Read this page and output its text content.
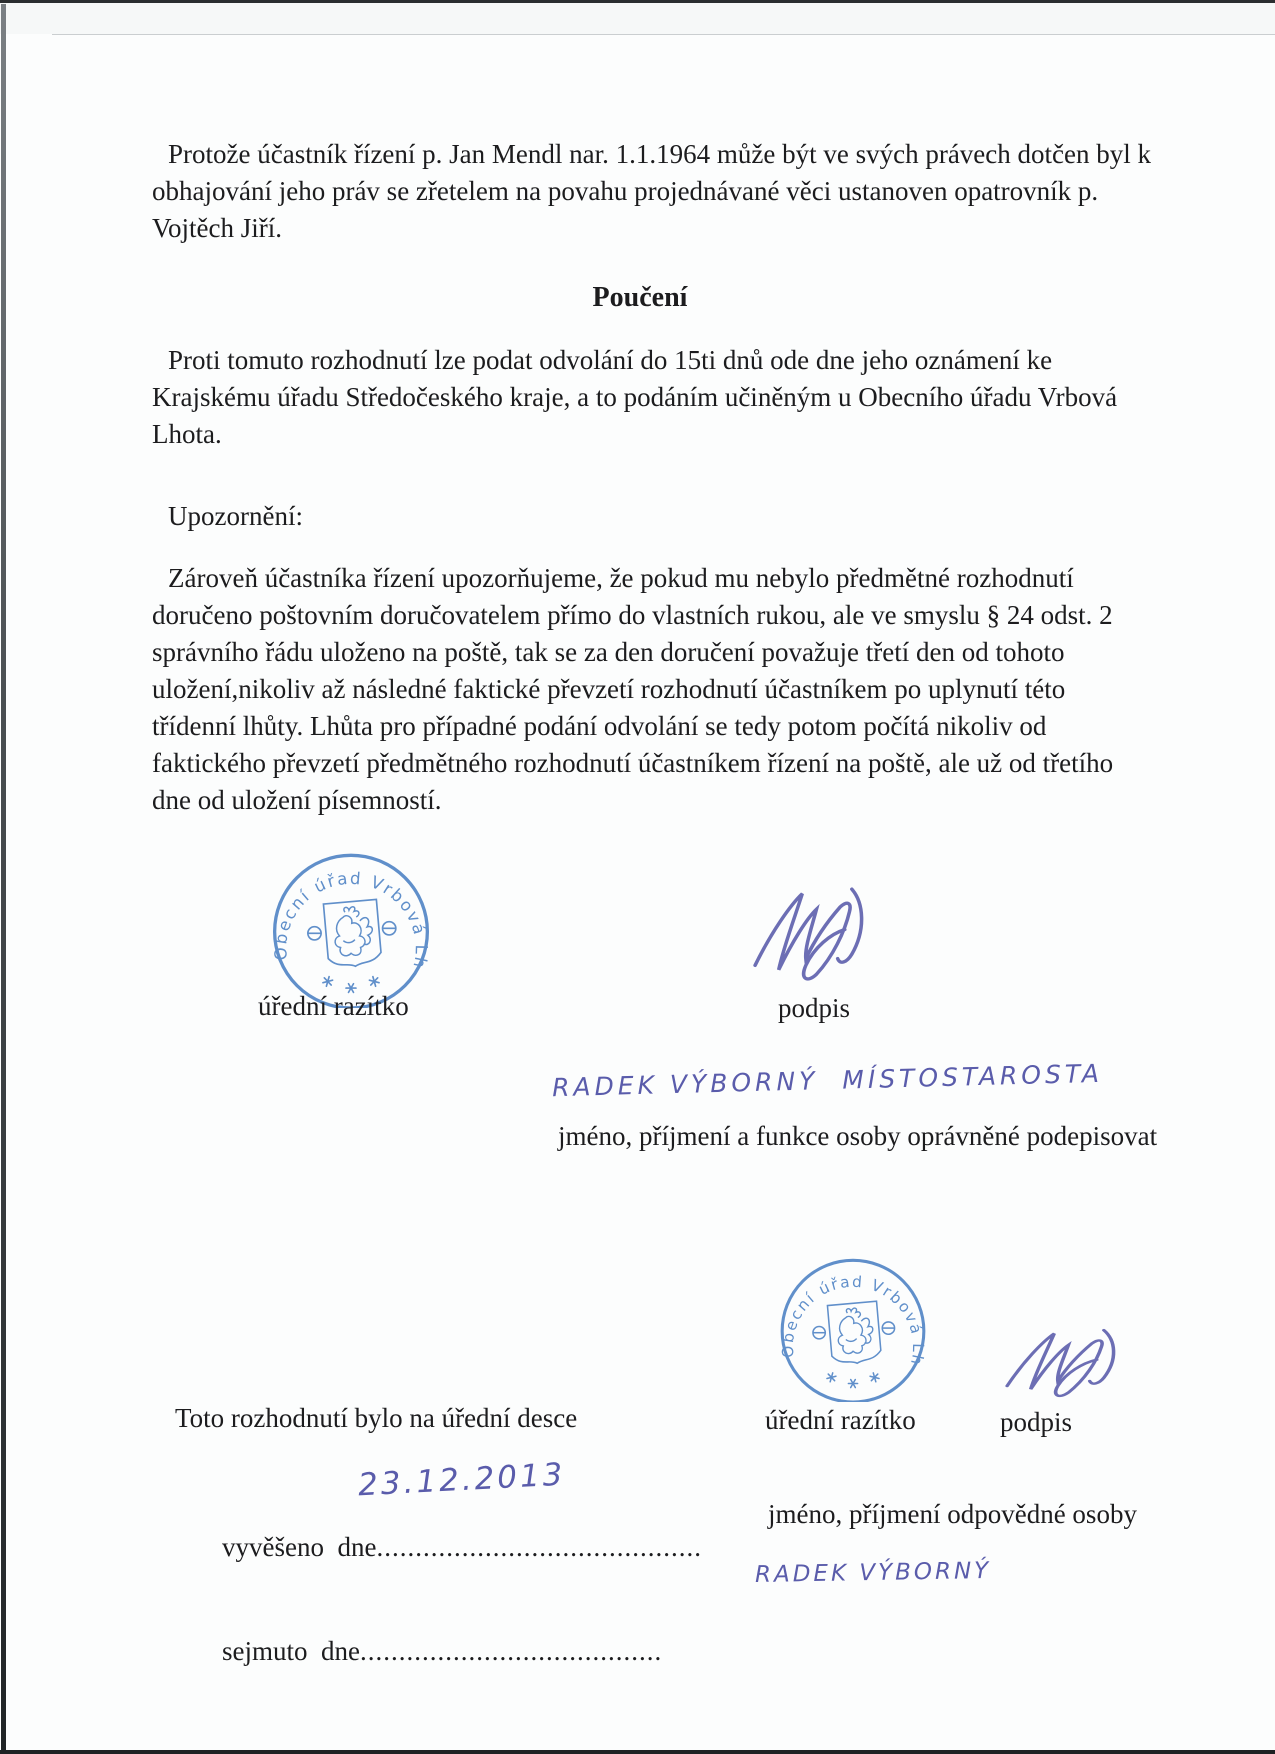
Protože účastník řízení p. Jan Mendl nar. 1.1.1964 může být ve svých právech dotčen byl k
obhajování jeho práv se zřetelem na povahu projednávané věci ustanoven opatrovník p.
Vojtěch Jiří.
Poučení
Proti tomuto rozhodnutí lze podat odvolání do 15ti dnů ode dne jeho oznámení ke
Krajskému úřadu Středočeského kraje, a to podáním učiněným u Obecního úřadu Vrbová
Lhota.
Upozornění:
Zároveň účastníka řízení upozorňujeme, že pokud mu nebylo předmětné rozhodnutí
doručeno poštovním doručovatelem přímo do vlastních rukou, ale ve smyslu § 24 odst. 2
správního řádu uloženo na poště, tak se za den doručení považuje třetí den od tohoto
uložení,nikoliv až následné faktické převzetí rozhodnutí účastníkem po uplynutí této
třídenní lhůty. Lhůta pro případné podání odvolání se tedy potom počítá nikoliv od
faktického převzetí předmětného rozhodnutí účastníkem řízení na poště, ale už od třetího
dne od uložení písemností.
úřední razítko	podpis
RADEK VÝBORNÝ  MÍSTOSTAROSTA
jméno, příjmení a funkce osoby oprávněné podepisovat
Toto rozhodnutí bylo na úřední desce	úřední razítko	podpis

vyvěšeno  dne..........................................

23.12.2013
jméno, příjmení odpovědné osoby
RADEK VÝBORNÝ

sejmuto  dne.......................................
